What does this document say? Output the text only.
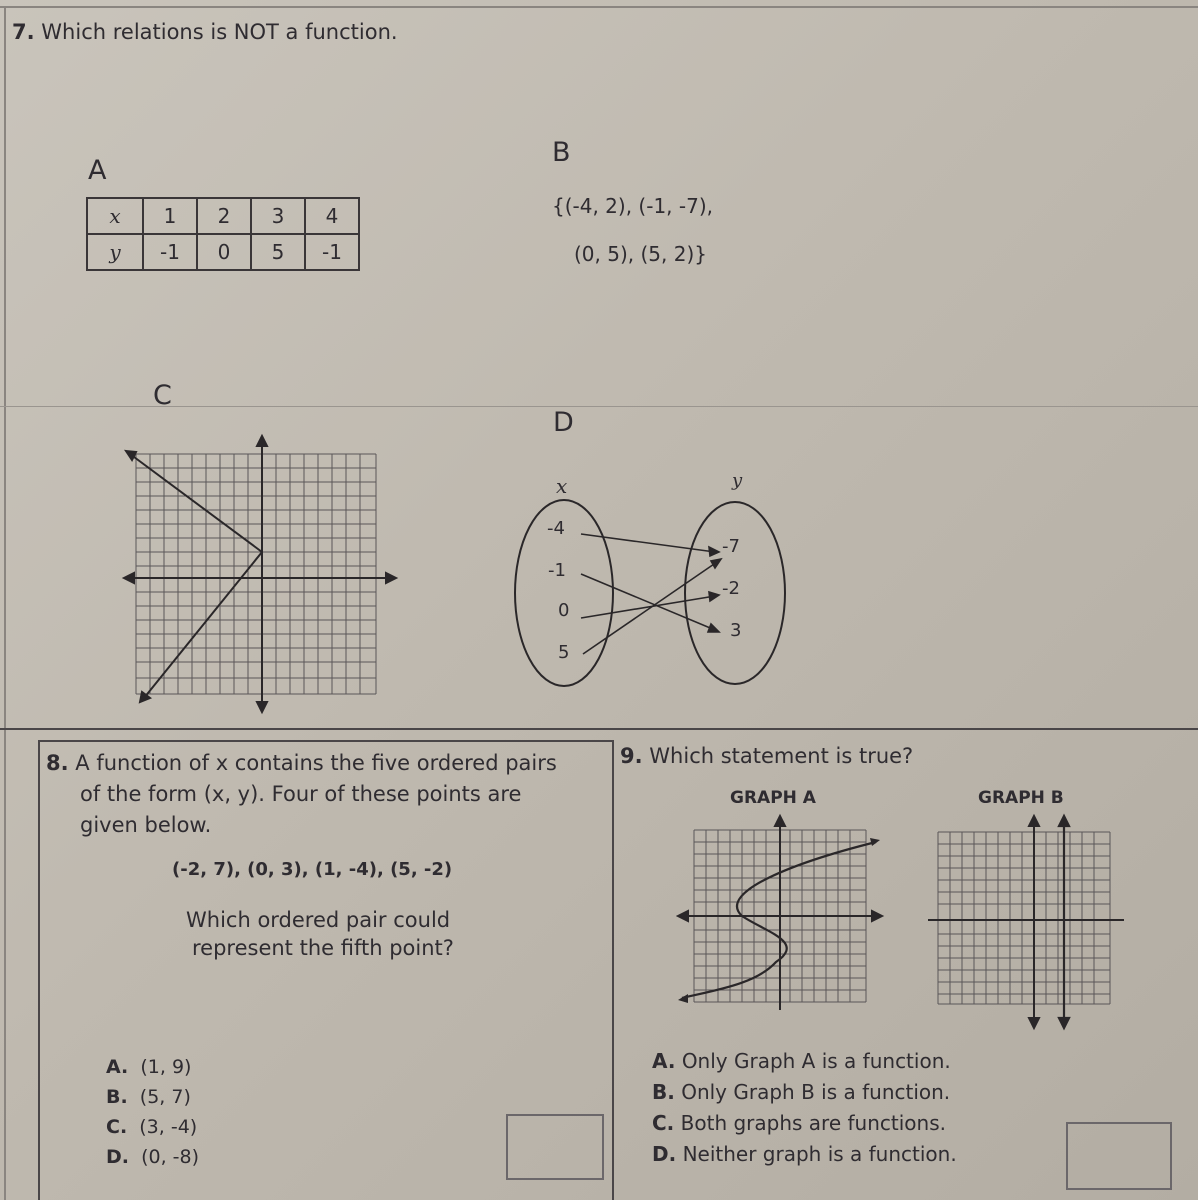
7. Which relations is NOT a function.
A
x	1	2	3	4
y	-1	0	5	-1
B
{(-4, 2), (-1, -7),
(0, 5), (5, 2)}
C
D
x	y
-4
-1
0
5
-7
-2
3
8. A function of x contains the five ordered pairs
of the form (x, y). Four of these points are
given below.
(-2, 7), (0, 3), (1, -4), (5, -2)
Which ordered pair could
represent the fifth point?
A. (1, 9)
B. (5, 7)
C. (3, -4)
D. (0, -8)
9. Which statement is true?
GRAPH A	GRAPH B
A. Only Graph A is a function.
B. Only Graph B is a function.
C. Both graphs are functions.
D. Neither graph is a function.
